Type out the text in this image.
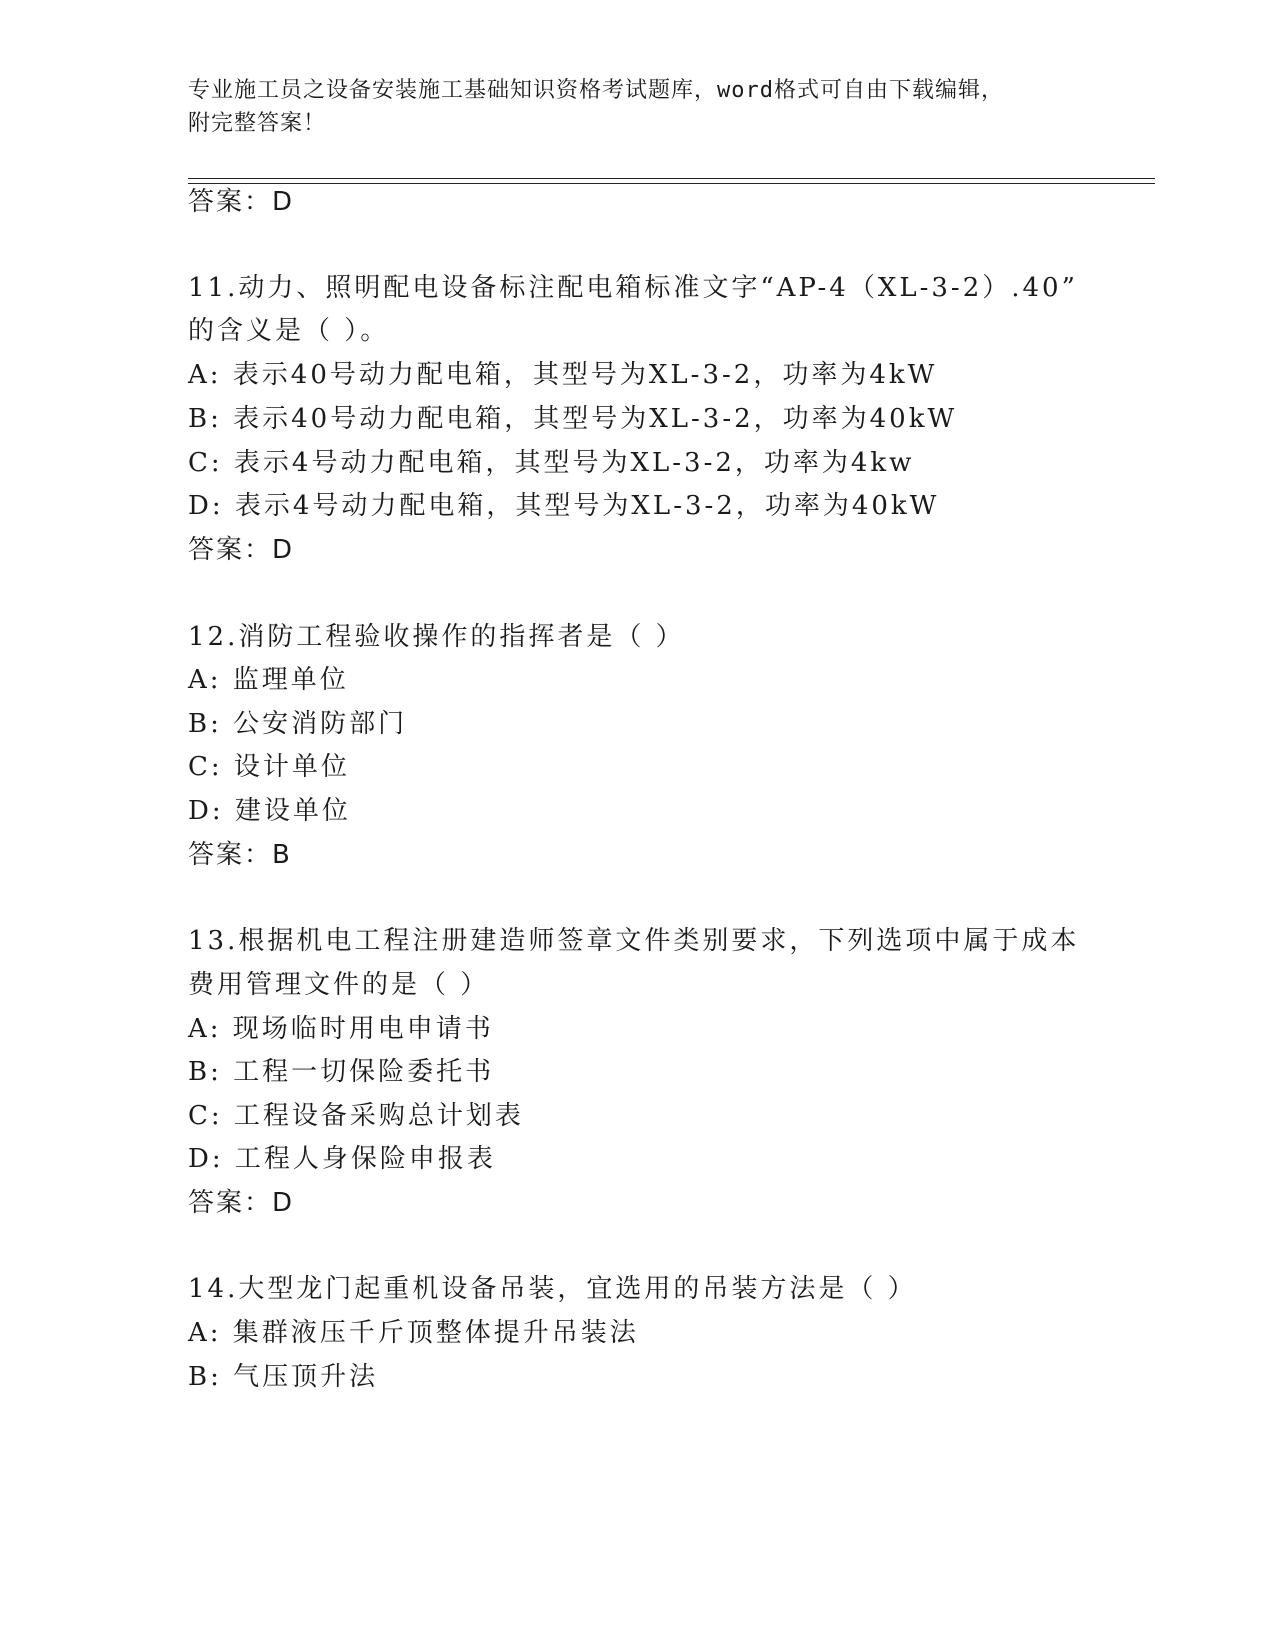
专业施工员之设备安装施工基础知识资格考试题库，word格式可自由下载编辑，
附完整答案！
答案：D
11.动力、照明配电设备标注配电箱标准文字“AP-4（XL-3-2）.40”
的含义是（ ）。
A: 表示40号动力配电箱，其型号为XL-3-2，功率为4kW
B: 表示40号动力配电箱，其型号为XL-3-2，功率为40kW
C: 表示4号动力配电箱，其型号为XL-3-2，功率为4kw
D: 表示4号动力配电箱，其型号为XL-3-2，功率为40kW
答案：D
12.消防工程验收操作的指挥者是（ ）
A: 监理单位
B: 公安消防部门
C: 设计单位
D: 建设单位
答案：B
13.根据机电工程注册建造师签章文件类别要求，下列选项中属于成本
费用管理文件的是（ ）
A: 现场临时用电申请书
B: 工程一切保险委托书
C: 工程设备采购总计划表
D: 工程人身保险申报表
答案：D
14.大型龙门起重机设备吊装，宜选用的吊装方法是（ ）
A: 集群液压千斤顶整体提升吊装法
B: 气压顶升法
